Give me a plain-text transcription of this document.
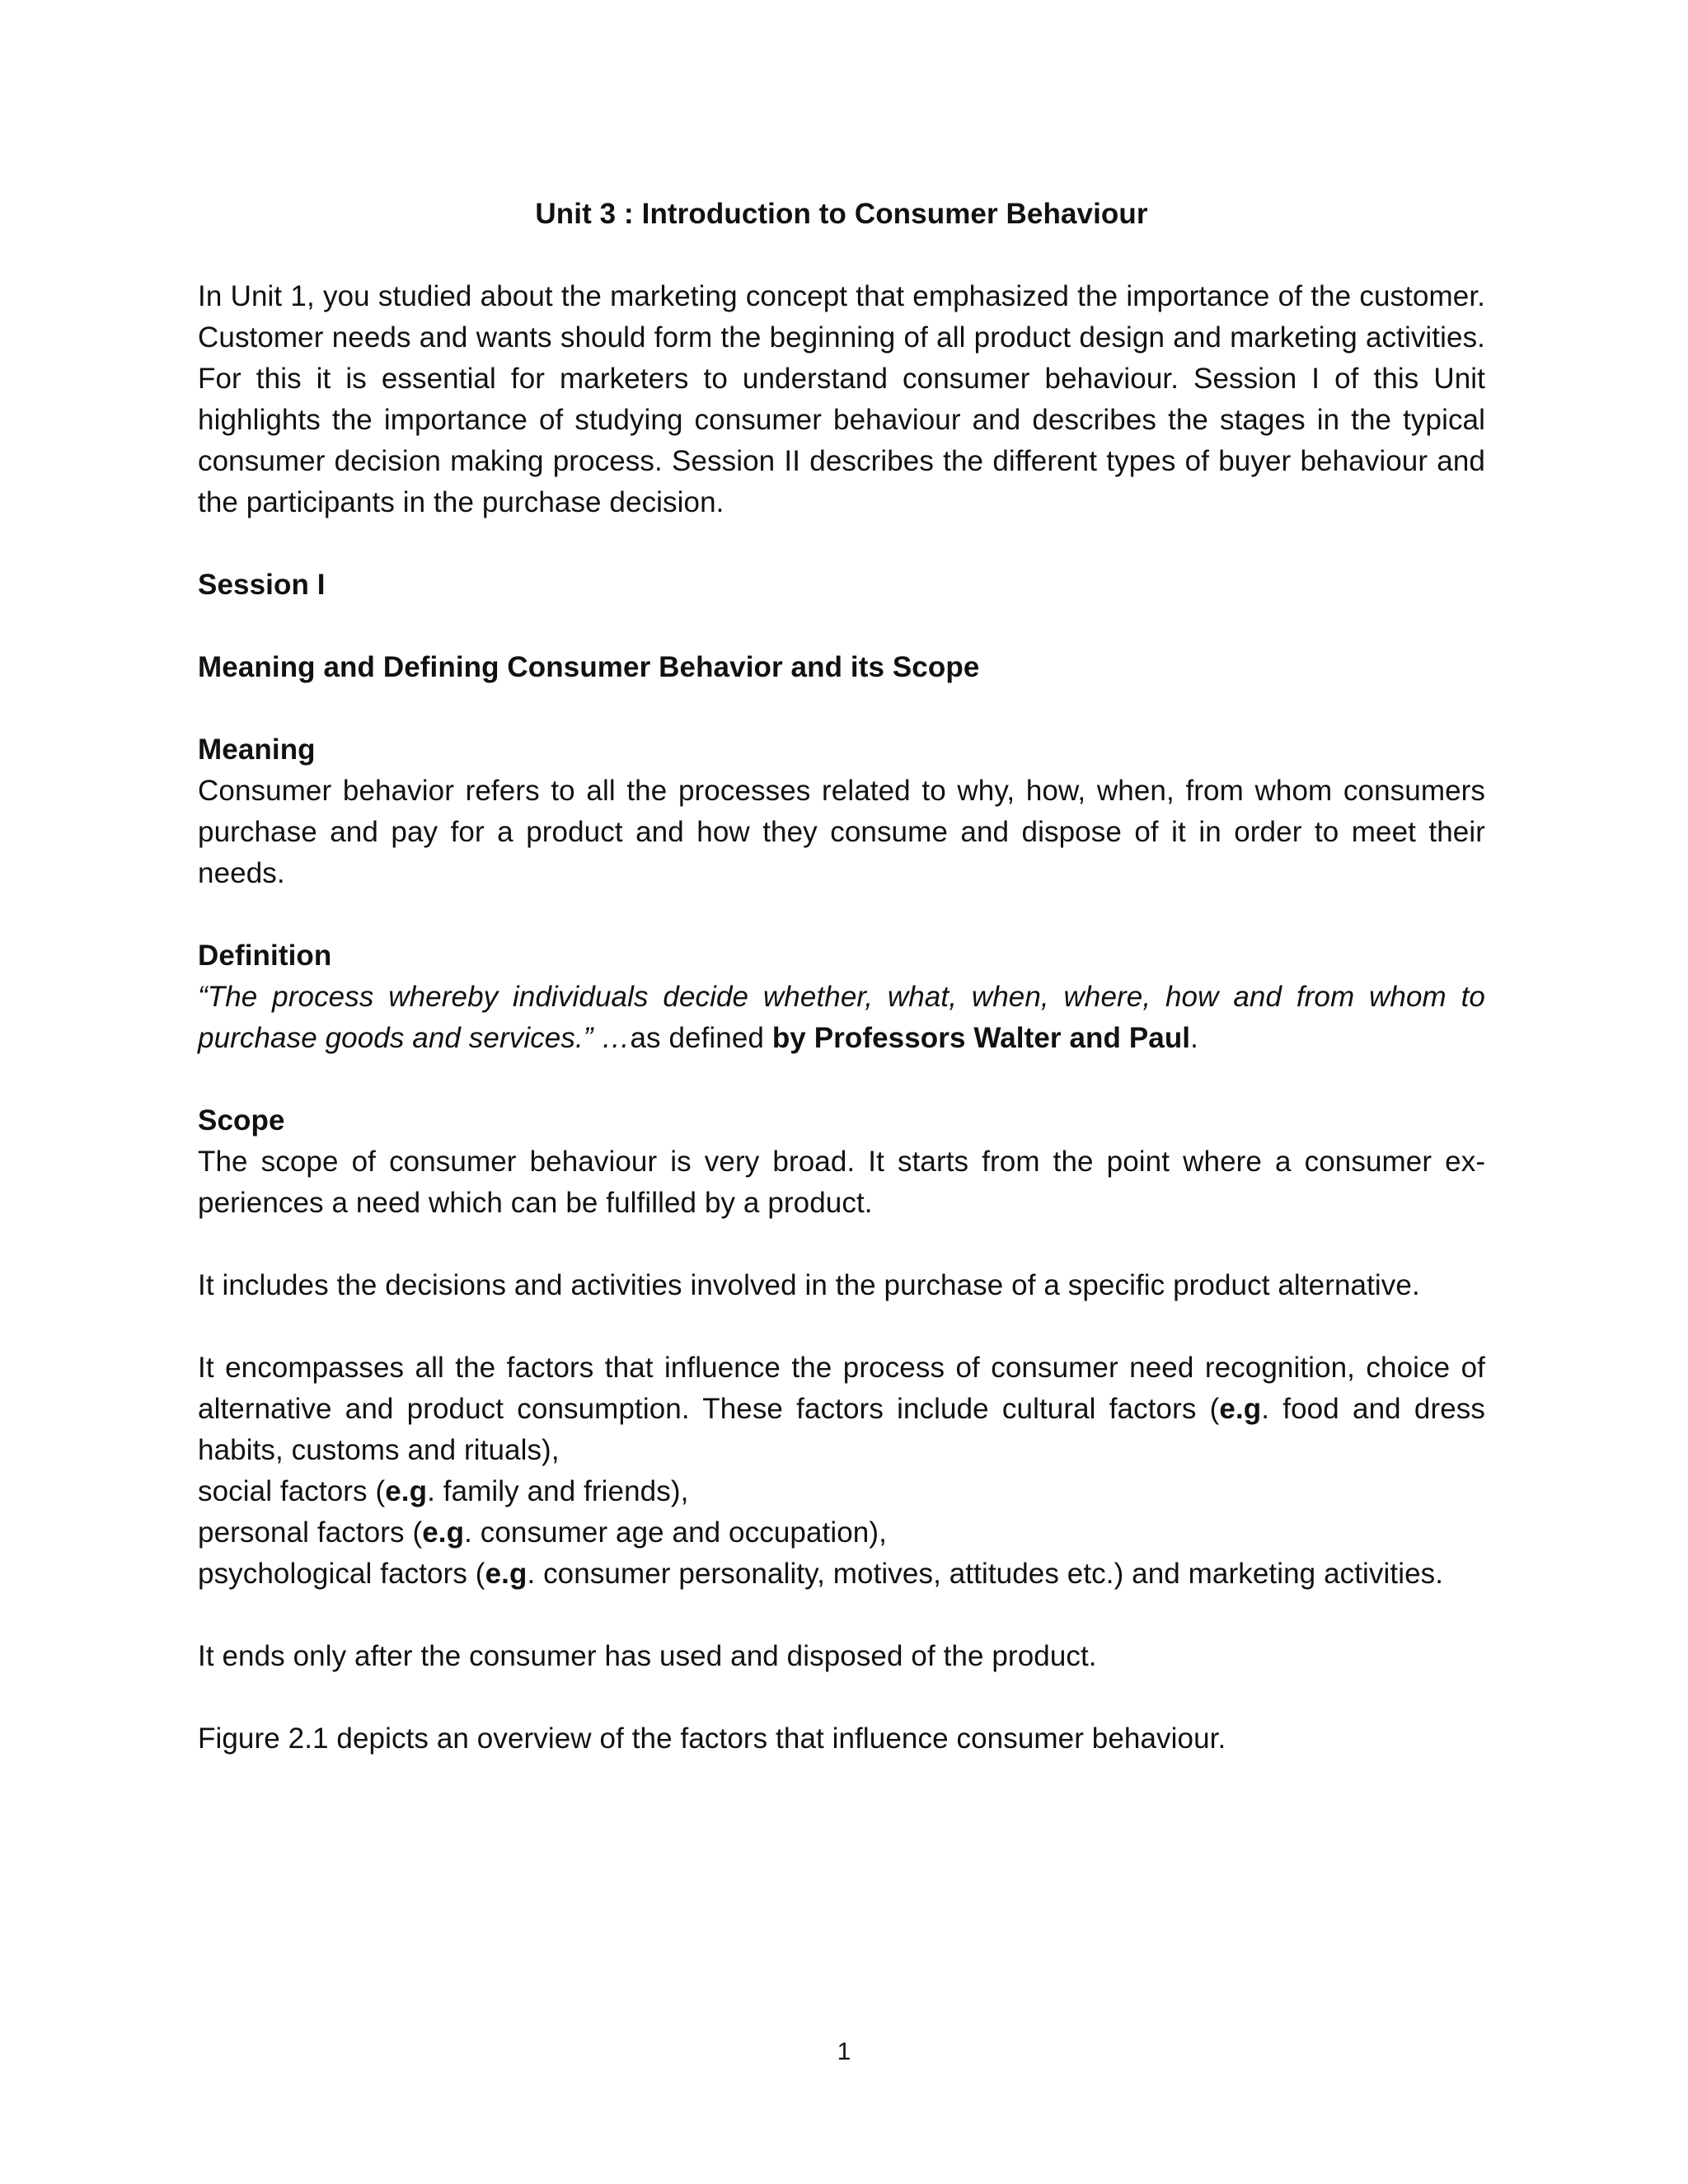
Unit 3 : Introduction to Consumer Behaviour

In Unit 1, you studied about the marketing concept that emphasized the importance of the customer. Customer needs and wants should form the beginning of all product design and marketing activities. For this it is essential for marketers to understand consumer behaviour. Session I of this Unit highlights the importance of studying consumer behaviour and describes the stages in the typical consumer decision making process. Session II describes the different types of buyer behaviour and the participants in the purchase decision.

Session I

Meaning and Defining Consumer Behavior and its Scope

Meaning

Consumer behavior refers to all the processes related to why, how, when, from whom consumers purchase and pay for a product and how they consume and dispose of it in order to meet their needs.

Definition

“The process whereby individuals decide whether, what, when, where, how and from whom to purchase goods and services.” …as defined by Professors Walter and Paul.

Scope

The scope of consumer behaviour is very broad. It starts from the point where a consumer experiences a need which can be fulfilled by a product.

It includes the decisions and activities involved in the purchase of a specific product alternative.

It encompasses all the factors that influence the process of consumer need recognition, choice of alternative and product consumption. These factors include cultural factors (e.g. food and dress habits, customs and rituals),

social factors (e.g. family and friends),

personal factors (e.g. consumer age and occupation),

psychological factors (e.g. consumer personality, motives, attitudes etc.) and marketing activities.

It ends only after the consumer has used and disposed of the product.

Figure 2.1 depicts an overview of the factors that influence consumer behaviour.

1
